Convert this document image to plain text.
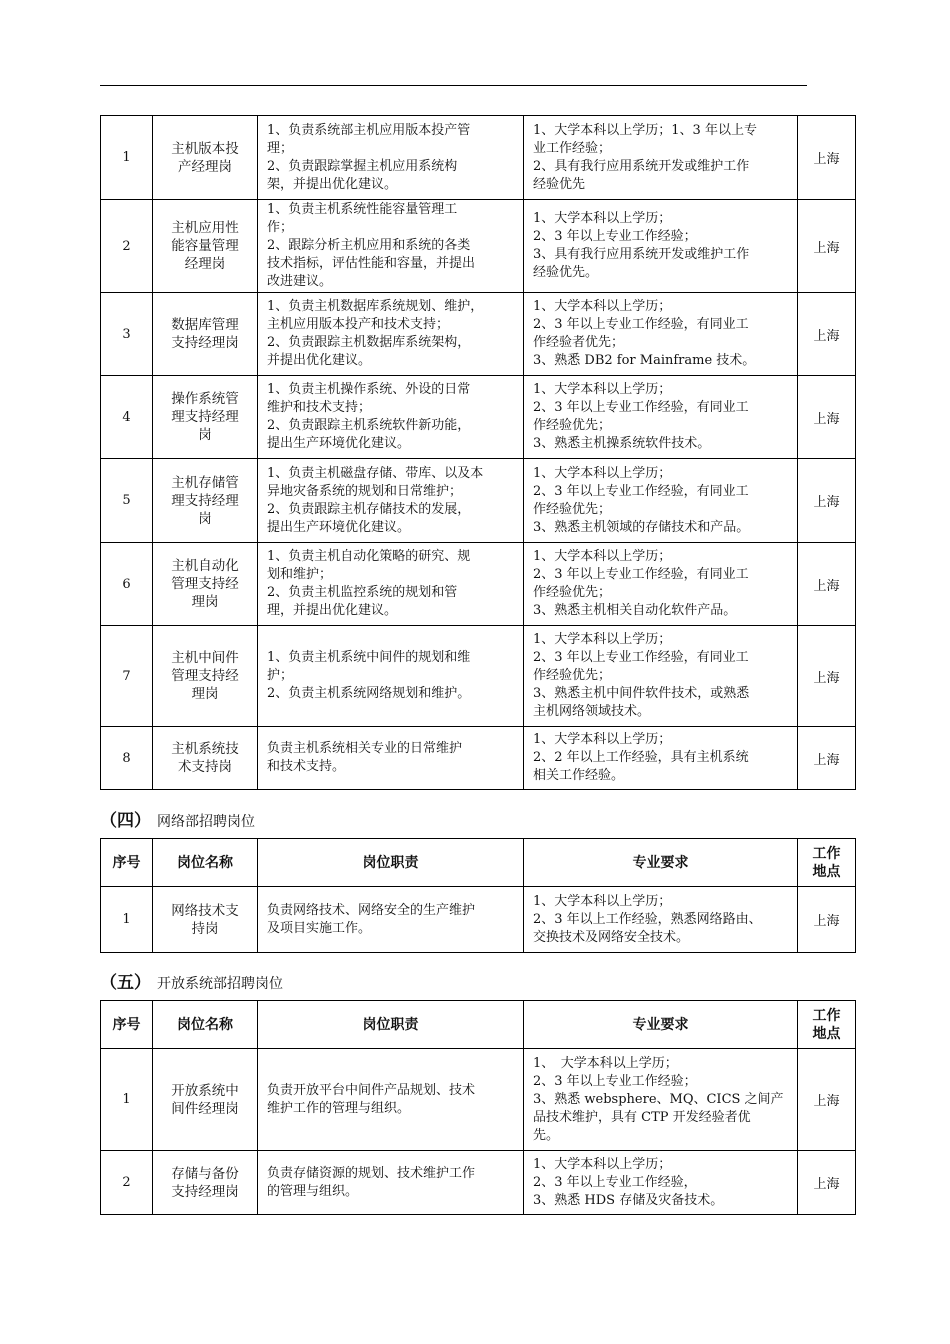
1	主机版本投
产经理岗	1、负责系统部主机应用版本投产管
理；
2、负责跟踪掌握主机应用系统构
架，并提出优化建议。	1、大学本科以上学历；1、3 年以上专
业工作经验；
2、具有我行应用系统开发或维护工作
经验优先	上海
2	主机应用性
能容量管理
经理岗	1、负责主机系统性能容量管理工
作；
2、跟踪分析主机应用和系统的各类
技术指标，评估性能和容量，并提出
改进建议。	1、大学本科以上学历；
2、3 年以上专业工作经验；
3、具有我行应用系统开发或维护工作
经验优先。	上海
3	数据库管理
支持经理岗	1、负责主机数据库系统规划、维护，
主机应用版本投产和技术支持；
2、负责跟踪主机数据库系统架构，
并提出优化建议。	1、大学本科以上学历；
2、3 年以上专业工作经验，有同业工
作经验者优先；
3、熟悉 DB2 for Mainframe 技术。	上海
4	操作系统管
理支持经理
岗	1、负责主机操作系统、外设的日常
维护和技术支持；
2、负责跟踪主机系统软件新功能，
提出生产环境优化建议。	1、大学本科以上学历；
2、3 年以上专业工作经验，有同业工
作经验优先；
3、熟悉主机操系统软件技术。	上海
5	主机存储管
理支持经理
岗	1、负责主机磁盘存储、带库、以及本
异地灾备系统的规划和日常维护；
2、负责跟踪主机存储技术的发展，
提出生产环境优化建议。	1、大学本科以上学历；
2、3 年以上专业工作经验，有同业工
作经验优先；
3、熟悉主机领域的存储技术和产品。	上海
6	主机自动化
管理支持经
理岗	1、负责主机自动化策略的研究、规
划和维护；
2、负责主机监控系统的规划和管
理，并提出优化建议。	1、大学本科以上学历；
2、3 年以上专业工作经验，有同业工
作经验优先；
3、熟悉主机相关自动化软件产品。	上海
7	主机中间件
管理支持经
理岗	1、负责主机系统中间件的规划和维
护；
2、负责主机系统网络规划和维护。	1、大学本科以上学历；
2、3 年以上专业工作经验，有同业工
作经验优先；
3、熟悉主机中间件软件技术，或熟悉
主机网络领域技术。	上海
8	主机系统技
术支持岗	负责主机系统相关专业的日常维护
和技术支持。	1、大学本科以上学历；
2、2 年以上工作经验，具有主机系统
相关工作经验。	上海
（四） 网络部招聘岗位
序号	岗位名称	岗位职责	专业要求	工作
地点

1	网络技术支
持岗	负责网络技术、网络安全的生产维护
及项目实施工作。	1、大学本科以上学历；
2、3 年以上工作经验，熟悉网络路由、
交换技术及网络安全技术。	上海
（五） 开放系统部招聘岗位
序号	岗位名称	岗位职责	专业要求	工作
地点

1	开放系统中
间件经理岗	负责开放平台中间件产品规划、技术
维护工作的管理与组织。	1、　大学本科以上学历；
2、3 年以上专业工作经验；
3、熟悉 websphere、MQ、CICS 之间产
品技术维护，具有 CTP 开发经验者优
先。	上海
2	存储与备份
支持经理岗	负责存储资源的规划、技术维护工作
的管理与组织。	1、大学本科以上学历；
2、3 年以上专业工作经验，
3、熟悉 HDS 存储及灾备技术。	上海
